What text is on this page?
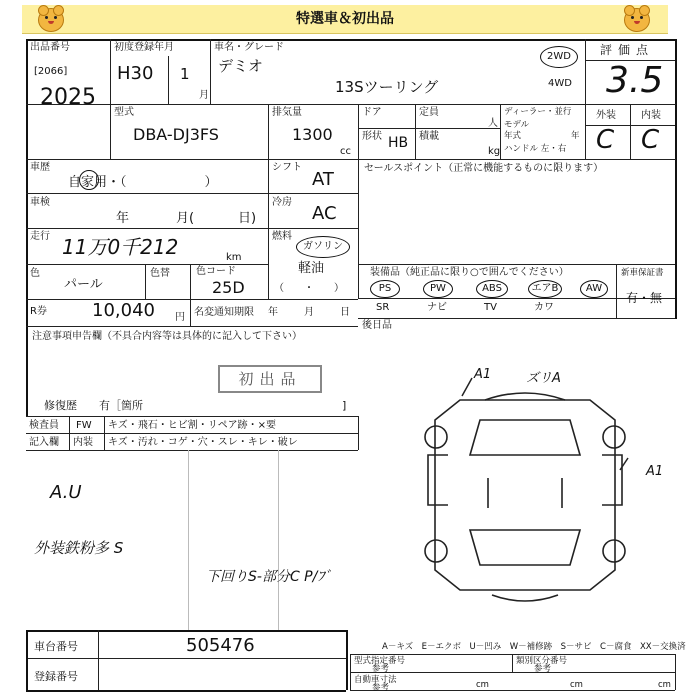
特選車＆初出品
出品番号
[2066]
2025
初度登録年月
H30 1
月
車名・グレード
デミオ
13Sツーリング
2WD
4WD
評価点
3.5
型式
DBA-DJ3FS
排気量
1300
cc
ドア	定員
人
形状 HB 積載
kg
ディーラー・並行
モデル
年式	年
ハンドル 左・右
外装	内装
C C
車歴
自家用・（　　　　　　）
シフト
AT
車検
年	月(	日)
冷房
AC
走行 11万0千212	km
燃料
ガソリン
軽油
（　　・　　）
色
パール
色替	色コード
25D
セールスポイント（正常に機能するものに限ります）
装備品（純正品に限り○で囲んでください）
PS	PW	ABS	エアB	AW
SR	ナビ	TV	カワ
新車保証書
有・無
R券	10,040 円 名変通知期限 年	月	日
注意事項申告欄（不具合内容等は具体的に記入して下さい）
初出品
修復歴　　有［箇所	]
後日品
検査員 FW キズ・飛石・ヒビ割・リペア跡・×要
記入欄 内装 キズ・汚れ・コゲ・穴・スレ・キレ・破レ
A.U
外装鉄粉多 S
下回りS-部分C P/ﾌﾞ
A1	ズリA
A1
車台番号	505476
登録番号
A－キズ　E－エクボ　U－凹み　W－補修跡　S－サビ　C－腐食　XX－交換済
型式指定番号
参考
類別区分番号
参考
自動車寸法
参考	cm	cm	cm
